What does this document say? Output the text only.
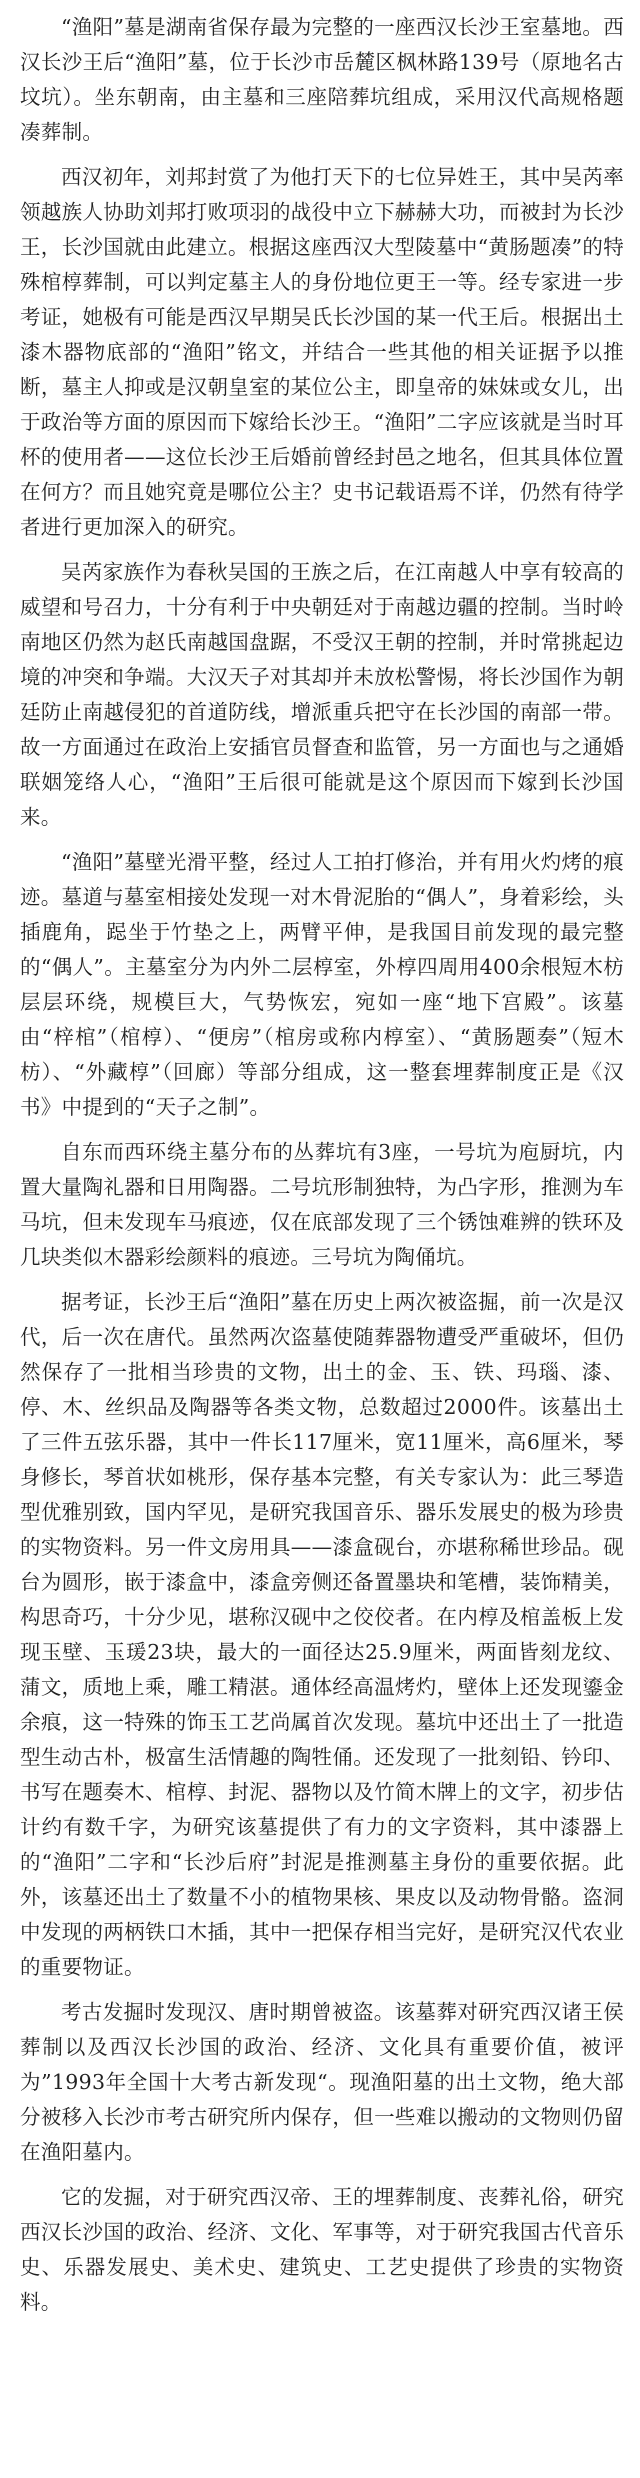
“渔阳”墓是湖南省保存最为完整的一座西汉长沙王室墓地。西汉长沙王后“渔阳”墓，位于长沙市岳麓区枫林路139号（原地名古坟坑）。坐东朝南，由主墓和三座陪葬坑组成，采用汉代高规格题凑葬制。

西汉初年，刘邦封赏了为他打天下的七位异姓王，其中吴芮率领越族人协助刘邦打败项羽的战役中立下赫赫大功，而被封为长沙王，长沙国就由此建立。根据这座西汉大型陵墓中“黄肠题凑”的特殊棺椁葬制，可以判定墓主人的身份地位更王一等。经专家进一步考证，她极有可能是西汉早期吴氏长沙国的某一代王后。根据出土漆木器物底部的“渔阳”铭文，并结合一些其他的相关证据予以推断，墓主人抑或是汉朝皇室的某位公主，即皇帝的妹妹或女儿，出于政治等方面的原因而下嫁给长沙王。“渔阳”二字应该就是当时耳杯的使用者——这位长沙王后婚前曾经封邑之地名，但其具体位置在何方？而且她究竟是哪位公主？史书记载语焉不详，仍然有待学者进行更加深入的研究。

吴芮家族作为春秋吴国的王族之后，在江南越人中享有较高的威望和号召力，十分有利于中央朝廷对于南越边疆的控制。当时岭南地区仍然为赵氏南越国盘踞，不受汉王朝的控制，并时常挑起边境的冲突和争端。大汉天子对其却并未放松警惕，将长沙国作为朝廷防止南越侵犯的首道防线，增派重兵把守在长沙国的南部一带。故一方面通过在政治上安插官员督查和监管，另一方面也与之通婚联姻笼络人心，“渔阳”王后很可能就是这个原因而下嫁到长沙国来。

“渔阳”墓壁光滑平整，经过人工拍打修治，并有用火灼烤的痕迹。墓道与墓室相接处发现一对木骨泥胎的“偶人”，身着彩绘，头插鹿角，跽坐于竹垫之上，两臂平伸，是我国目前发现的最完整的“偶人”。主墓室分为内外二层椁室，外椁四周用400余根短木枋层层环绕，规模巨大，气势恢宏，宛如一座“地下宫殿”。该墓由“梓棺”（棺椁）、“便房”（棺房或称内椁室）、“黄肠题奏”（短木枋）、“外藏椁”（回廊）等部分组成，这一整套埋葬制度正是《汉书》中提到的“天子之制”。

自东而西环绕主墓分布的丛葬坑有3座，一号坑为庖厨坑，内置大量陶礼器和日用陶器。二号坑形制独特，为凸字形，推测为车马坑，但未发现车马痕迹，仅在底部发现了三个锈蚀难辨的铁环及几块类似木器彩绘颜料的痕迹。三号坑为陶俑坑。

据考证，长沙王后“渔阳”墓在历史上两次被盗掘，前一次是汉代，后一次在唐代。虽然两次盗墓使随葬器物遭受严重破坏，但仍然保存了一批相当珍贵的文物，出土的金、玉、铁、玛瑙、漆、停、木、丝织品及陶器等各类文物，总数超过2000件。该墓出土了三件五弦乐器，其中一件长117厘米，宽11厘米，高6厘米，琴身修长，琴首状如桃形，保存基本完整，有关专家认为：此三琴造型优雅别致，国内罕见，是研究我国音乐、器乐发展史的极为珍贵的实物资料。另一件文房用具——漆盒砚台，亦堪称稀世珍品。砚台为圆形，嵌于漆盒中，漆盒旁侧还备置墨块和笔槽，装饰精美，构思奇巧，十分少见，堪称汉砚中之佼佼者。在内椁及棺盖板上发现玉壁、玉瑗23块，最大的一面径达25.9厘米，两面皆刻龙纹、蒲文，质地上乘，雕工精湛。通体经高温烤灼，壁体上还发现鎏金余痕，这一特殊的饰玉工艺尚属首次发现。墓坑中还出土了一批造型生动古朴，极富生活情趣的陶牲俑。还发现了一批刻铅、钤印、书写在题奏木、棺椁、封泥、器物以及竹简木牌上的文字，初步估计约有数千字，为研究该墓提供了有力的文字资料，其中漆器上的“渔阳”二字和“长沙后府”封泥是推测墓主身份的重要依据。此外，该墓还出土了数量不小的植物果核、果皮以及动物骨骼。盗洞中发现的两柄铁口木插，其中一把保存相当完好，是研究汉代农业的重要物证。

考古发掘时发现汉、唐时期曾被盗。该墓葬对研究西汉诸王侯葬制以及西汉长沙国的政治、经济、文化具有重要价值，被评为”1993年全国十大考古新发现“。现渔阳墓的出土文物，绝大部分被移入长沙市考古研究所内保存，但一些难以搬动的文物则仍留在渔阳墓内。

它的发掘，对于研究西汉帝、王的埋葬制度、丧葬礼俗，研究西汉长沙国的政治、经济、文化、军事等，对于研究我国古代音乐史、乐器发展史、美术史、建筑史、工艺史提供了珍贵的实物资料。
